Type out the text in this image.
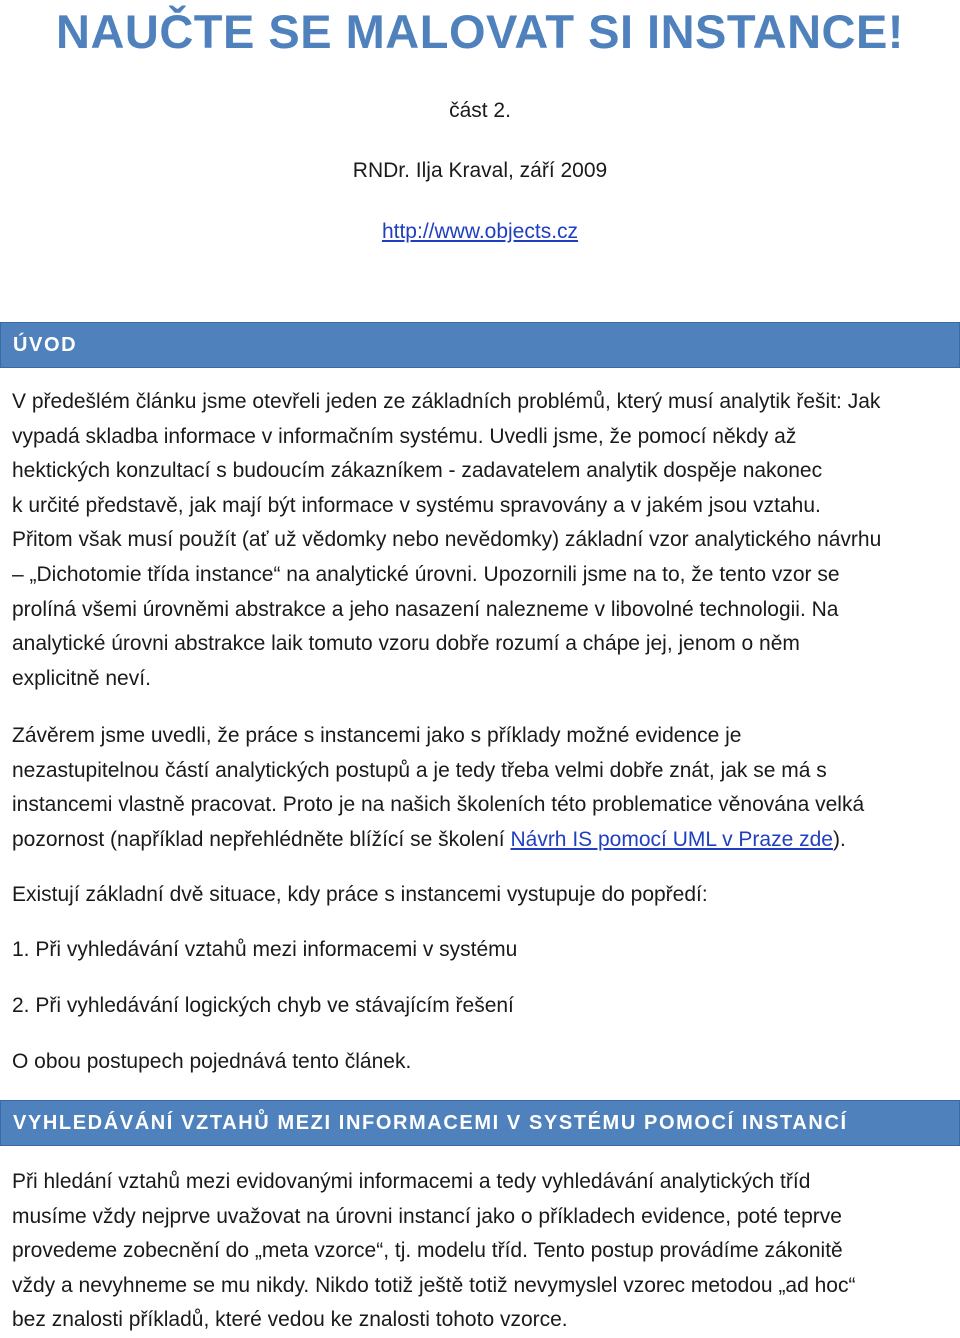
NAUČTE SE MALOVAT SI INSTANCE!
část 2.
RNDr. Ilja Kraval, září 2009
http://www.objects.cz
ÚVOD
V předešlém článku jsme otevřeli jeden ze základních problémů, který musí analytik řešit: Jak
vypadá skladba informace v informačním systému. Uvedli jsme, že pomocí někdy až
hektických konzultací s budoucím zákazníkem - zadavatelem analytik dospěje nakonec
k určité představě, jak mají být informace v systému spravovány a v jakém jsou vztahu.
Přitom však musí použít (ať už vědomky nebo nevědomky) základní vzor analytického návrhu
– „Dichotomie třída instance“ na analytické úrovni. Upozornili jsme na to, že tento vzor se
prolíná všemi úrovněmi abstrakce a jeho nasazení nalezneme v libovolné technologii. Na
analytické úrovni abstrakce laik tomuto vzoru dobře rozumí a chápe jej, jenom o něm
explicitně neví.
Závěrem jsme uvedli, že práce s instancemi jako s příklady možné evidence je
nezastupitelnou částí analytických postupů a je tedy třeba velmi dobře znát, jak se má s
instancemi vlastně pracovat. Proto je na našich školeních této problematice věnována velká
pozornost (například nepřehlédněte blížící se školení Návrh IS pomocí UML v Praze zde).
Existují základní dvě situace, kdy práce s instancemi vystupuje do popředí:
1. Při vyhledávání vztahů mezi informacemi v systému
2. Při vyhledávání logických chyb ve stávajícím řešení
O obou postupech pojednává tento článek.
VYHLEDÁVÁNÍ VZTAHŮ MEZI INFORMACEMI V SYSTÉMU POMOCÍ INSTANCÍ
Při hledání vztahů mezi evidovanými informacemi a tedy vyhledávání analytických tříd
musíme vždy nejprve uvažovat na úrovni instancí jako o příkladech evidence, poté teprve
provedeme zobecnění do „meta vzorce“, tj. modelu tříd. Tento postup provádíme zákonitě
vždy a nevyhneme se mu nikdy. Nikdo totiž ještě totiž nevymyslel vzorec metodou „ad hoc“
bez znalosti příkladů, které vedou ke znalosti tohoto vzorce.
